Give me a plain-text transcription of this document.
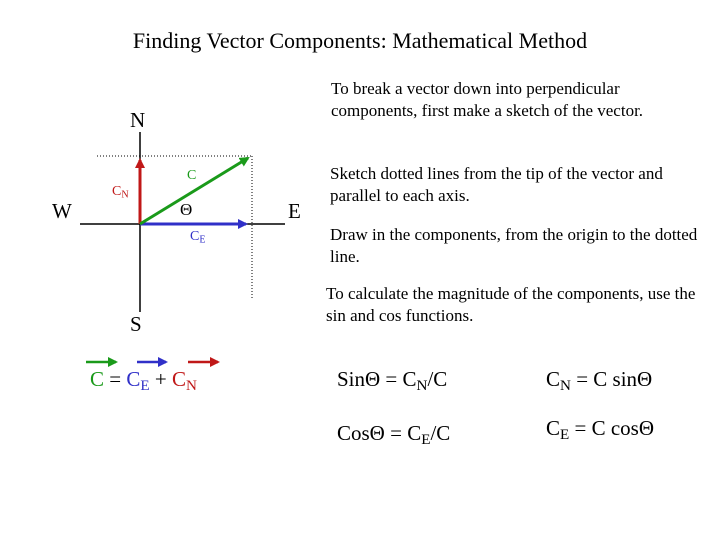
Finding Vector Components: Mathematical Method
N
S
E
W
C
$C_N$
$C_E$
Θ
To break a vector down into perpendicular components, first make a sketch of the vector.
Sketch dotted lines from the tip of the vector and parallel to each axis.
Draw in the components, from the origin to the dotted line.
To calculate the magnitude of the components, use the sin and cos functions.
$C = C_E + C_N$	$Sin\Theta = C_N/C$	$C_N = C$ sinΘ
$Cos\Theta = C_E/C$	$C_E = C$ cosΘ
